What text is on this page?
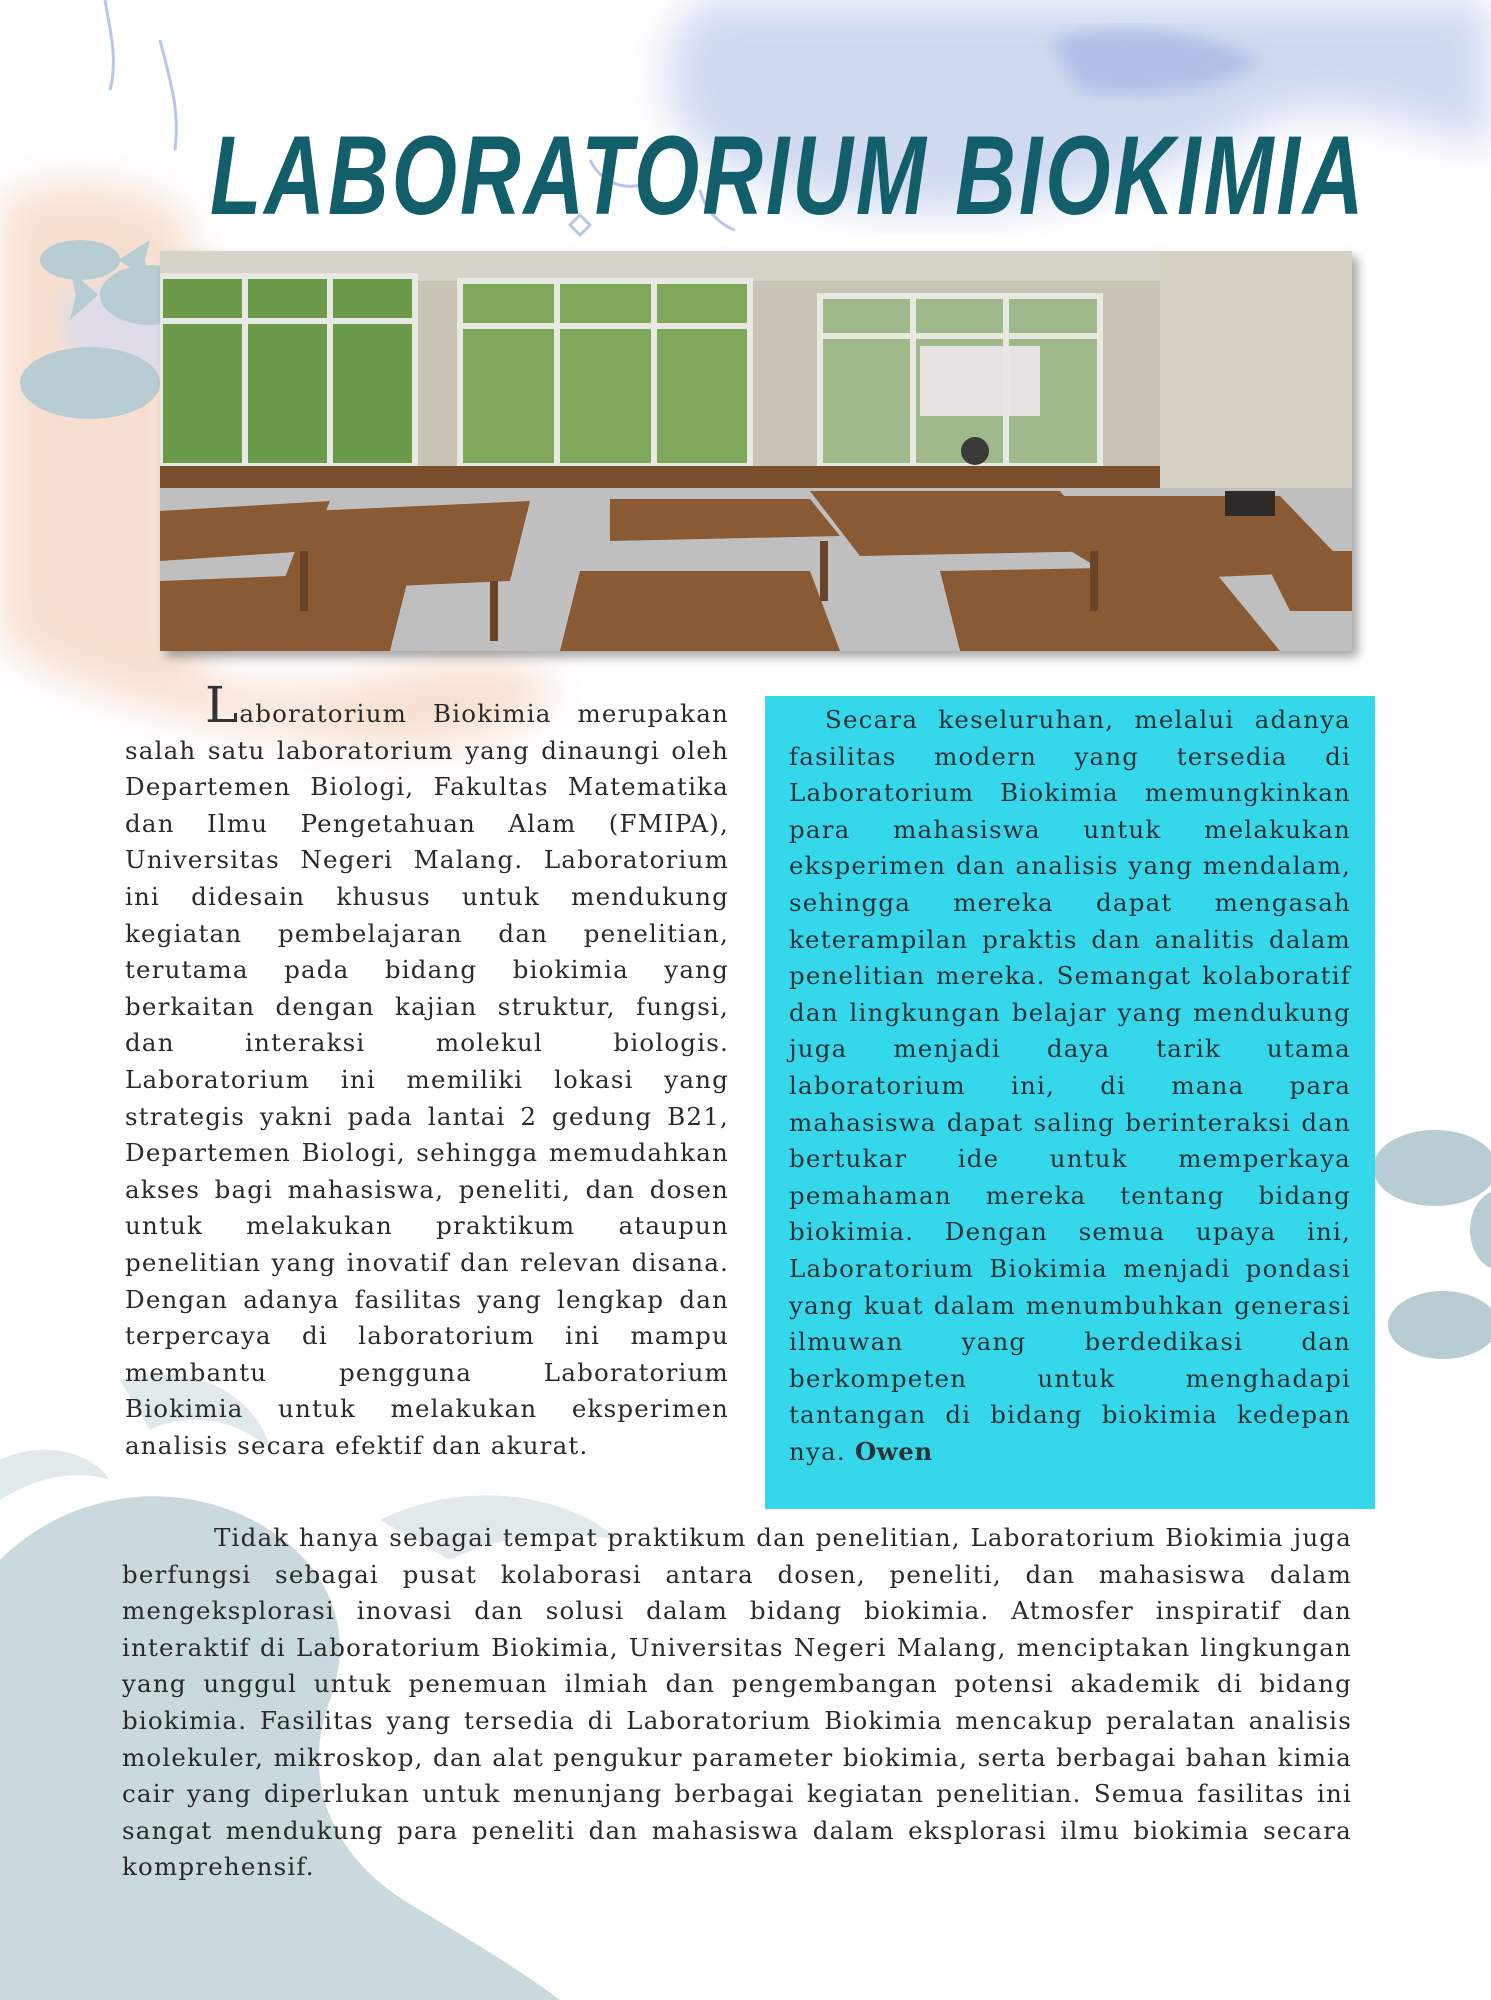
LABORATORIUM BIOKIMIA

Laboratorium Biokimia merupakan salah satu laboratorium yang dinaungi oleh Departemen Biologi, Fakultas Matematika dan Ilmu Pengetahuan Alam (FMIPA), Universitas Negeri Malang. Laboratorium ini didesain khusus untuk mendukung kegiatan pembelajaran dan penelitian, terutama pada bidang biokimia yang berkaitan dengan kajian struktur, fungsi, dan interaksi molekul biologis. Laboratorium ini memiliki lokasi yang strategis yakni pada lantai 2 gedung B21, Departemen Biologi, sehingga memudahkan akses bagi mahasiswa, peneliti, dan dosen untuk melakukan praktikum ataupun penelitian yang inovatif dan relevan disana. Dengan adanya fasilitas yang lengkap dan terpercaya di laboratorium ini mampu membantu pengguna Laboratorium Biokimia untuk melakukan eksperimen analisis secara efektif dan akurat.

Secara keseluruhan, melalui adanya fasilitas modern yang tersedia di Laboratorium Biokimia memungkinkan para mahasiswa untuk melakukan eksperimen dan analisis yang mendalam, sehingga mereka dapat mengasah keterampilan praktis dan analitis dalam penelitian mereka. Semangat kolaboratif dan lingkungan belajar yang mendukung juga menjadi daya tarik utama laboratorium ini, di mana para mahasiswa dapat saling berinteraksi dan bertukar ide untuk memperkaya pemahaman mereka tentang bidang biokimia. Dengan semua upaya ini, Laboratorium Biokimia menjadi pondasi yang kuat dalam menumbuhkan generasi ilmuwan yang berdedikasi dan berkompeten untuk menghadapi tantangan di bidang biokimia kedepan nya. Owen

Tidak hanya sebagai tempat praktikum dan penelitian, Laboratorium Biokimia juga berfungsi sebagai pusat kolaborasi antara dosen, peneliti, dan mahasiswa dalam mengeksplorasi inovasi dan solusi dalam bidang biokimia. Atmosfer inspiratif dan interaktif di Laboratorium Biokimia, Universitas Negeri Malang, menciptakan lingkungan yang unggul untuk penemuan ilmiah dan pengembangan potensi akademik di bidang biokimia. Fasilitas yang tersedia di Laboratorium Biokimia mencakup peralatan analisis molekuler, mikroskop, dan alat pengukur parameter biokimia, serta berbagai bahan kimia cair yang diperlukan untuk menunjang berbagai kegiatan penelitian. Semua fasilitas ini sangat mendukung para peneliti dan mahasiswa dalam eksplorasi ilmu biokimia secara komprehensif.
